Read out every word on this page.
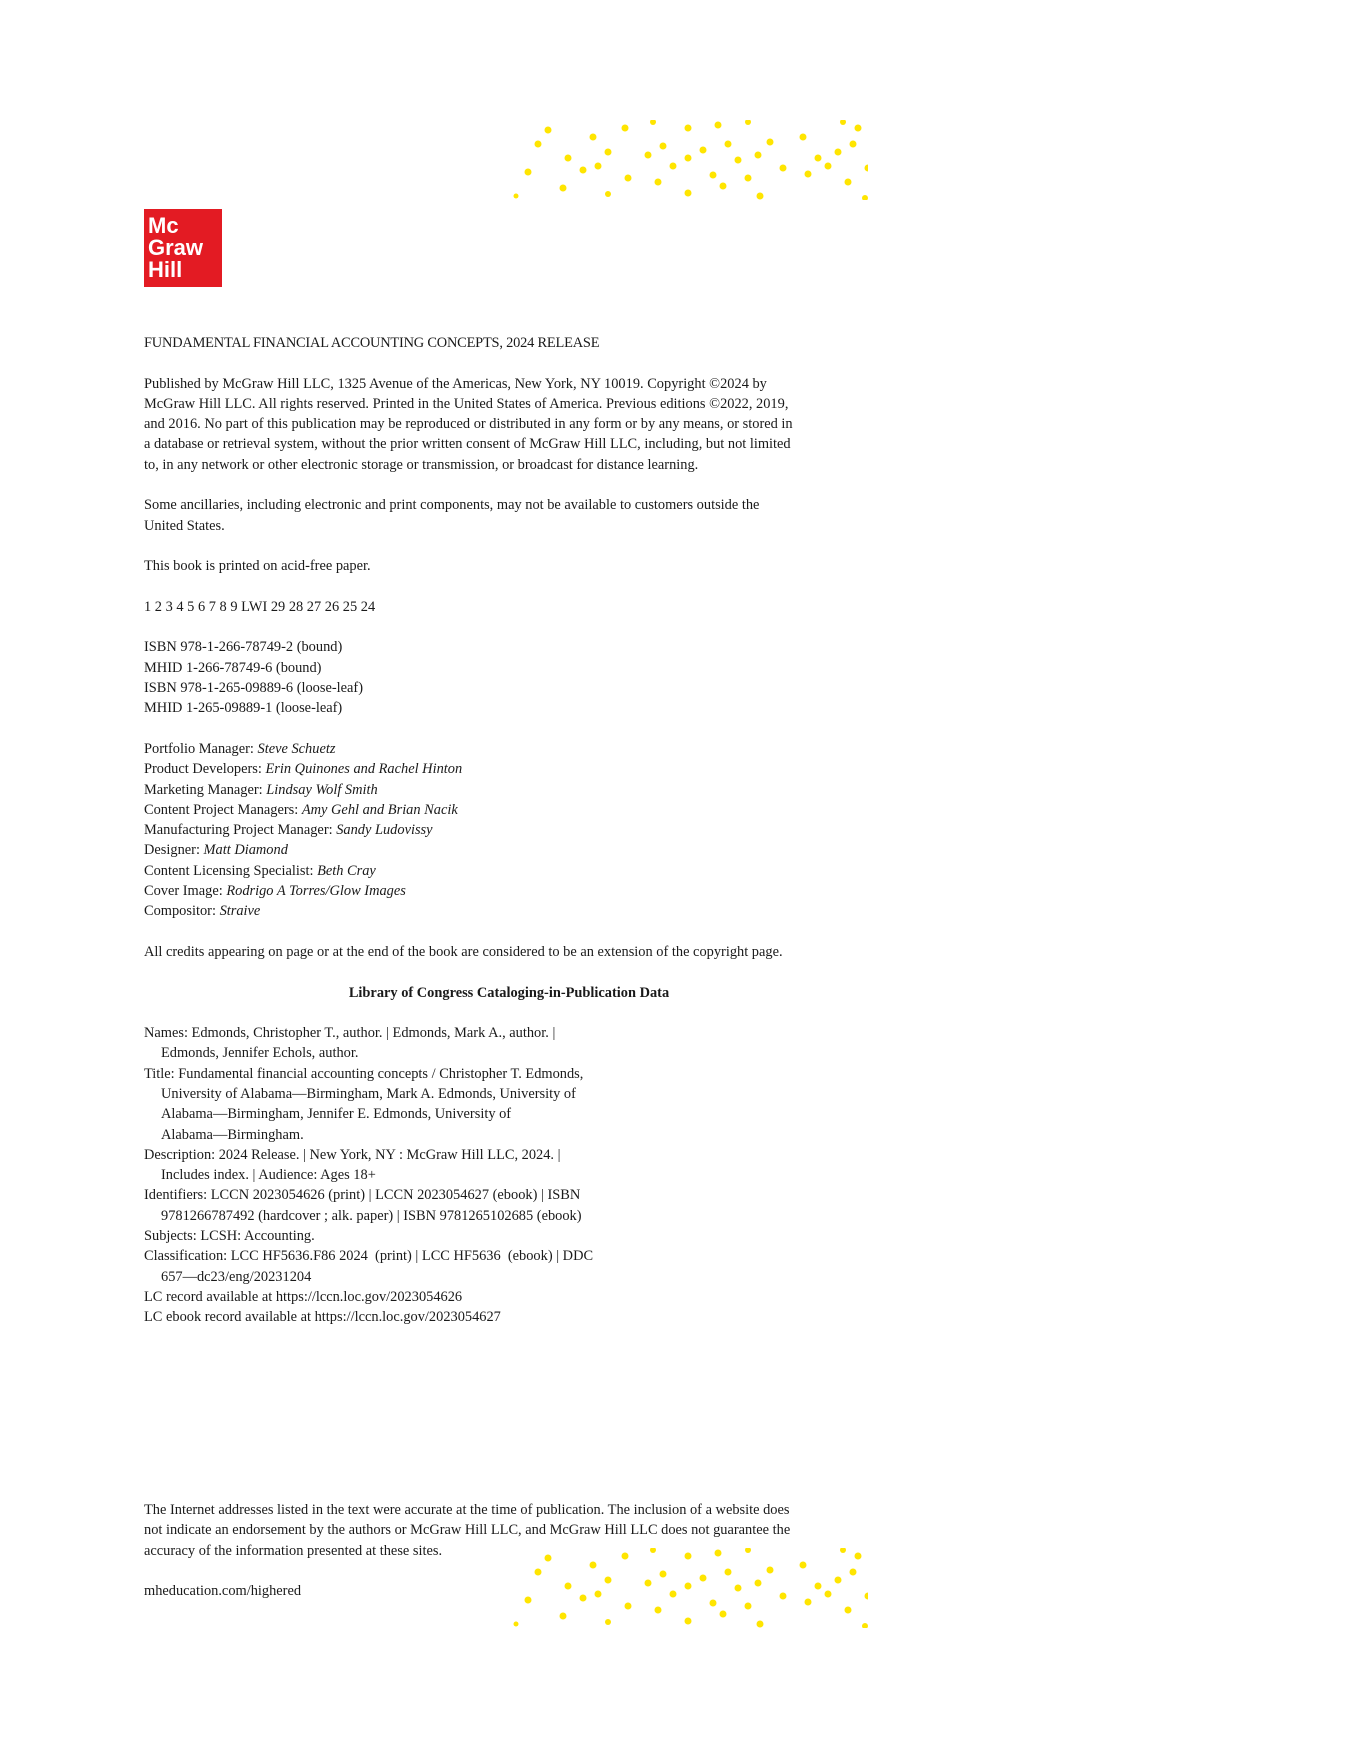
Mc
Graw
Hill

FUNDAMENTAL FINANCIAL ACCOUNTING CONCEPTS, 2024 RELEASE

Published by McGraw Hill LLC, 1325 Avenue of the Americas, New York, NY 10019. Copyright ©2024 by

McGraw Hill LLC. All rights reserved. Printed in the United States of America. Previous editions ©2022, 2019,

and 2016. No part of this publication may be reproduced or distributed in any form or by any means, or stored in

a database or retrieval system, without the prior written consent of McGraw Hill LLC, including, but not limited

to, in any network or other electronic storage or transmission, or broadcast for distance learning.

Some ancillaries, including electronic and print components, may not be available to customers outside the

United States.

This book is printed on acid-free paper.

1 2 3 4 5 6 7 8 9 LWI 29 28 27 26 25 24

ISBN 978-1-266-78749-2 (bound)

MHID 1-266-78749-6 (bound)

ISBN 978-1-265-09889-6 (loose-leaf)

MHID 1-265-09889-1 (loose-leaf)

Portfolio Manager: Steve Schuetz

Product Developers: Erin Quinones and Rachel Hinton

Marketing Manager: Lindsay Wolf Smith

Content Project Managers: Amy Gehl and Brian Nacik

Manufacturing Project Manager: Sandy Ludovissy

Designer: Matt Diamond

Content Licensing Specialist: Beth Cray

Cover Image: Rodrigo A Torres/Glow Images

Compositor: Straive

All credits appearing on page or at the end of the book are considered to be an extension of the copyright page.

Library of Congress Cataloging-in-Publication Data

Names: Edmonds, Christopher T., author. | Edmonds, Mark A., author. |

Edmonds, Jennifer Echols, author.

Title: Fundamental financial accounting concepts / Christopher T. Edmonds,

University of Alabama—Birmingham, Mark A. Edmonds, University of

Alabama—Birmingham, Jennifer E. Edmonds, University of

Alabama—Birmingham.

Description: 2024 Release. | New York, NY : McGraw Hill LLC, 2024. |

Includes index. | Audience: Ages 18+

Identifiers: LCCN 2023054626 (print) | LCCN 2023054627 (ebook) | ISBN

9781266787492 (hardcover ; alk. paper) | ISBN 9781265102685 (ebook)

Subjects: LCSH: Accounting.

Classification: LCC HF5636.F86 2024  (print) | LCC HF5636  (ebook) | DDC

657—dc23/eng/20231204

LC record available at https://lccn.loc.gov/2023054626

LC ebook record available at https://lccn.loc.gov/2023054627

The Internet addresses listed in the text were accurate at the time of publication. The inclusion of a website does

not indicate an endorsement by the authors or McGraw Hill LLC, and McGraw Hill LLC does not guarantee the

accuracy of the information presented at these sites.

mheducation.com/highered
